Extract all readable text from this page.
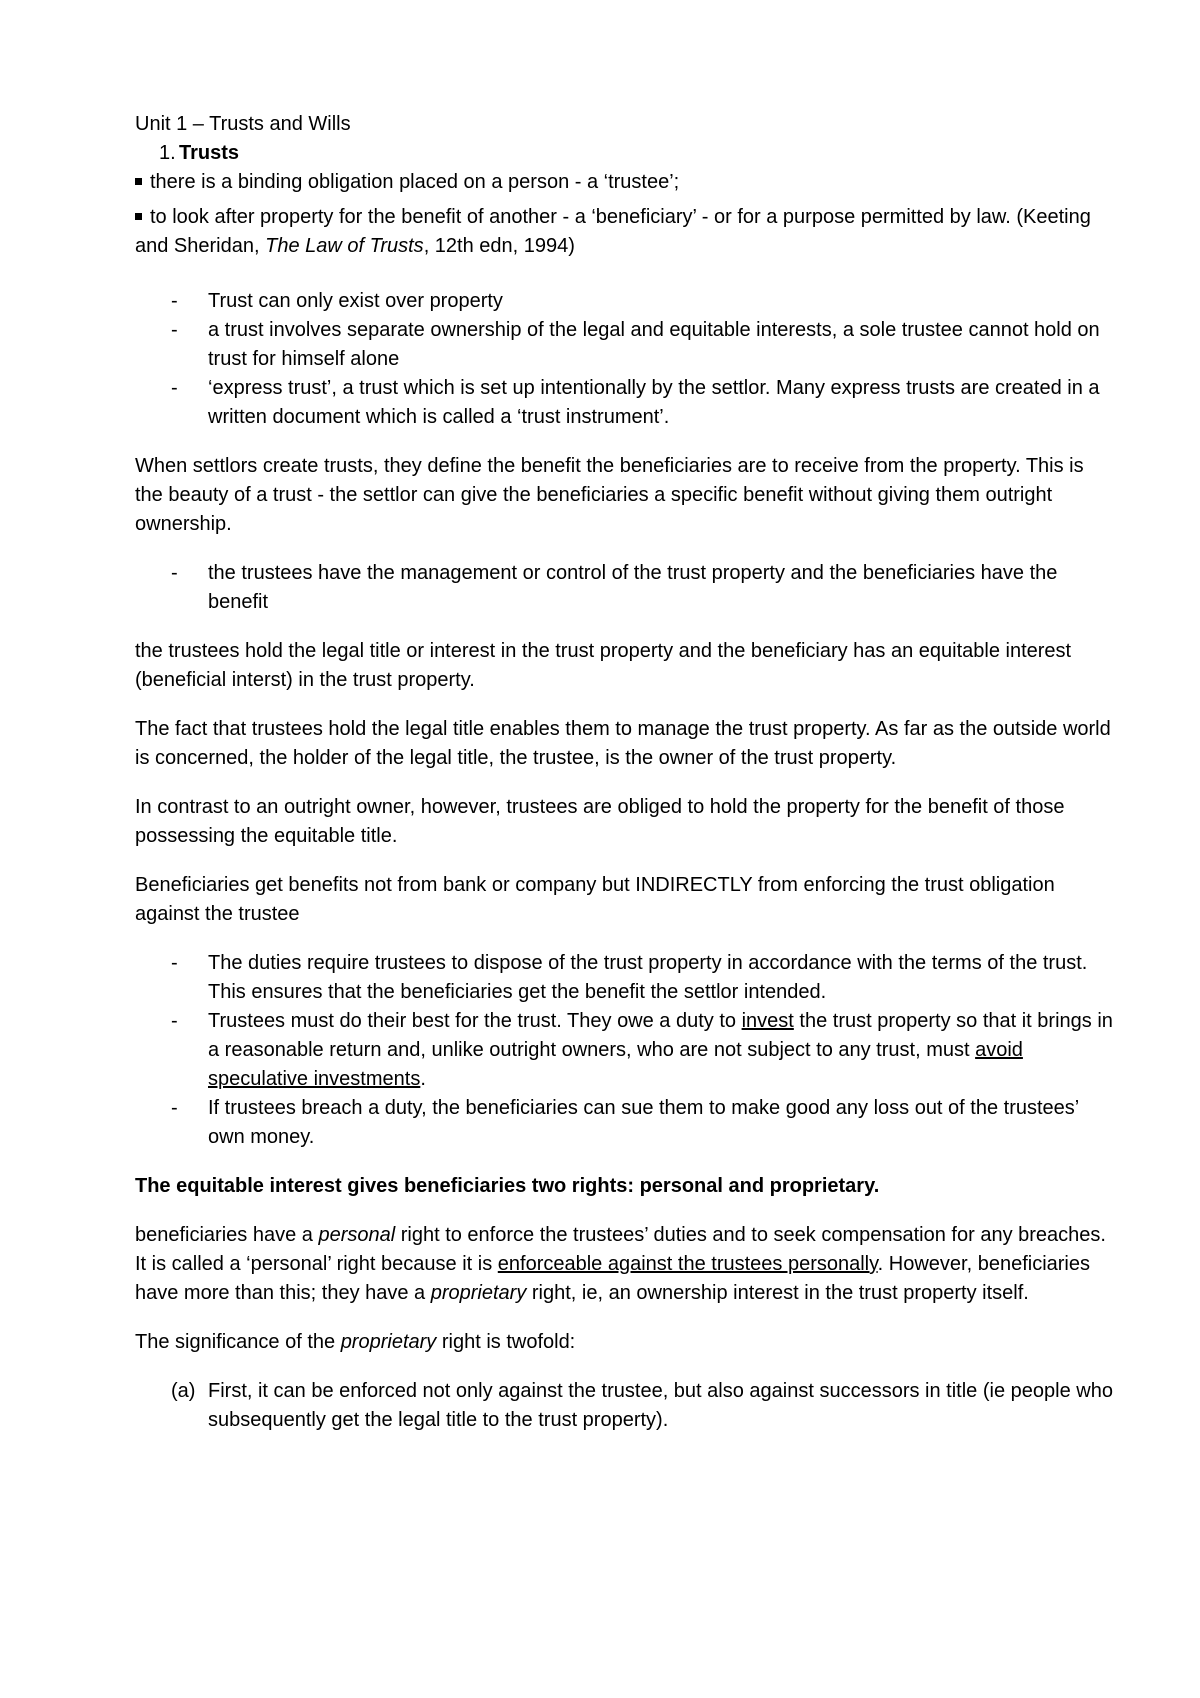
Unit 1 – Trusts and Wills

1. Trusts
there is a binding obligation placed on a person - a ‘trustee’;
to look after property for the benefit of another - a ‘beneficiary’ - or for a purpose permitted by law. (Keeting and Sheridan, The Law of Trusts, 12th edn, 1994)
- Trust can only exist over property
- a trust involves separate ownership of the legal and equitable interests, a sole trustee cannot hold on trust for himself alone
- ‘express trust’, a trust which is set up intentionally by the settlor. Many express trusts are created in a written document which is called a ‘trust instrument’.

When settlors create trusts, they define the benefit the beneficiaries are to receive from the property. This is the beauty of a trust - the settlor can give the beneficiaries a specific benefit without giving them outright ownership.

- the trustees have the management or control of the trust property and the beneficiaries have the benefit

the trustees hold the legal title or interest in the trust property and the beneficiary has an equitable interest (beneficial interst) in the trust property.

The fact that trustees hold the legal title enables them to manage the trust property. As far as the outside world is concerned, the holder of the legal title, the trustee, is the owner of the trust property.

In contrast to an outright owner, however, trustees are obliged to hold the property for the benefit of those possessing the equitable title.

Beneficiaries get benefits not from bank or company but INDIRECTLY from enforcing the trust obligation against the trustee

- The duties require trustees to dispose of the trust property in accordance with the terms of the trust. This ensures that the beneficiaries get the benefit the settlor intended.
- Trustees must do their best for the trust. They owe a duty to invest the trust property so that it brings in a reasonable return and, unlike outright owners, who are not subject to any trust, must avoid speculative investments.
- If trustees breach a duty, the beneficiaries can sue them to make good any loss out of the trustees’ own money.

The equitable interest gives beneficiaries two rights: personal and proprietary.

beneficiaries have a personal right to enforce the trustees’ duties and to seek compensation for any breaches. It is called a ‘personal’ right because it is enforceable against the trustees personally. However, beneficiaries have more than this; they have a proprietary right, ie, an ownership interest in the trust property itself.

The significance of the proprietary right is twofold:

(a) First, it can be enforced not only against the trustee, but also against successors in title (ie people who subsequently get the legal title to the trust property).
